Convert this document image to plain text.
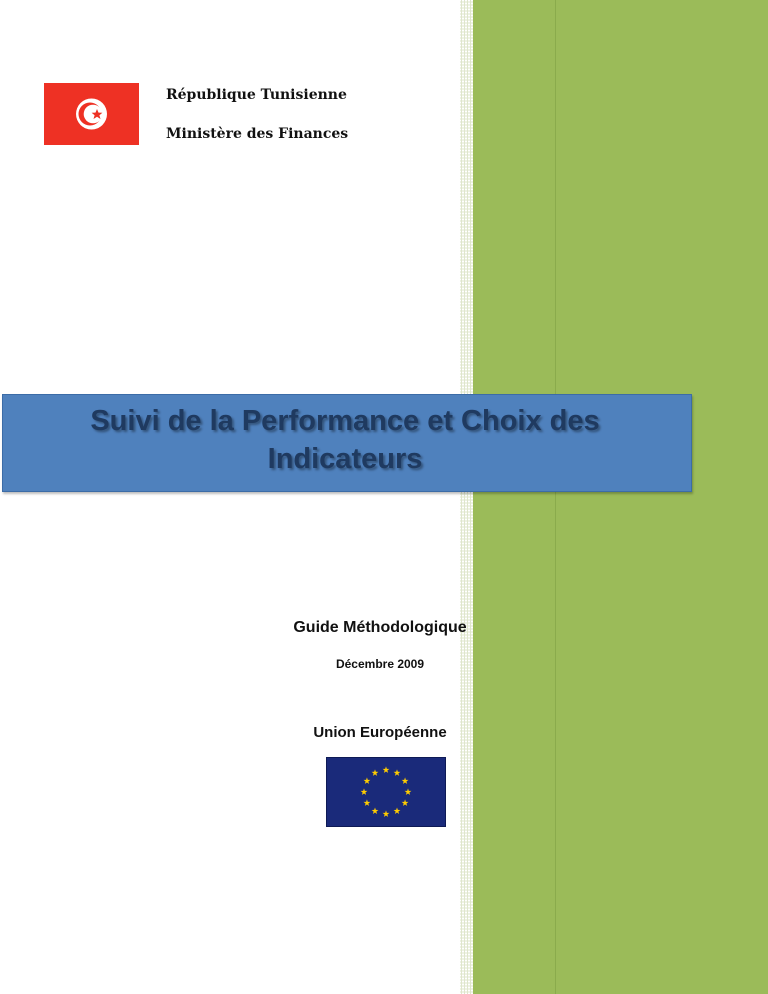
République Tunisienne
Ministère des Finances
Suivi de la Performance et Choix des
Indicateurs
Guide Méthodologique
Décembre 2009
Union Européenne
